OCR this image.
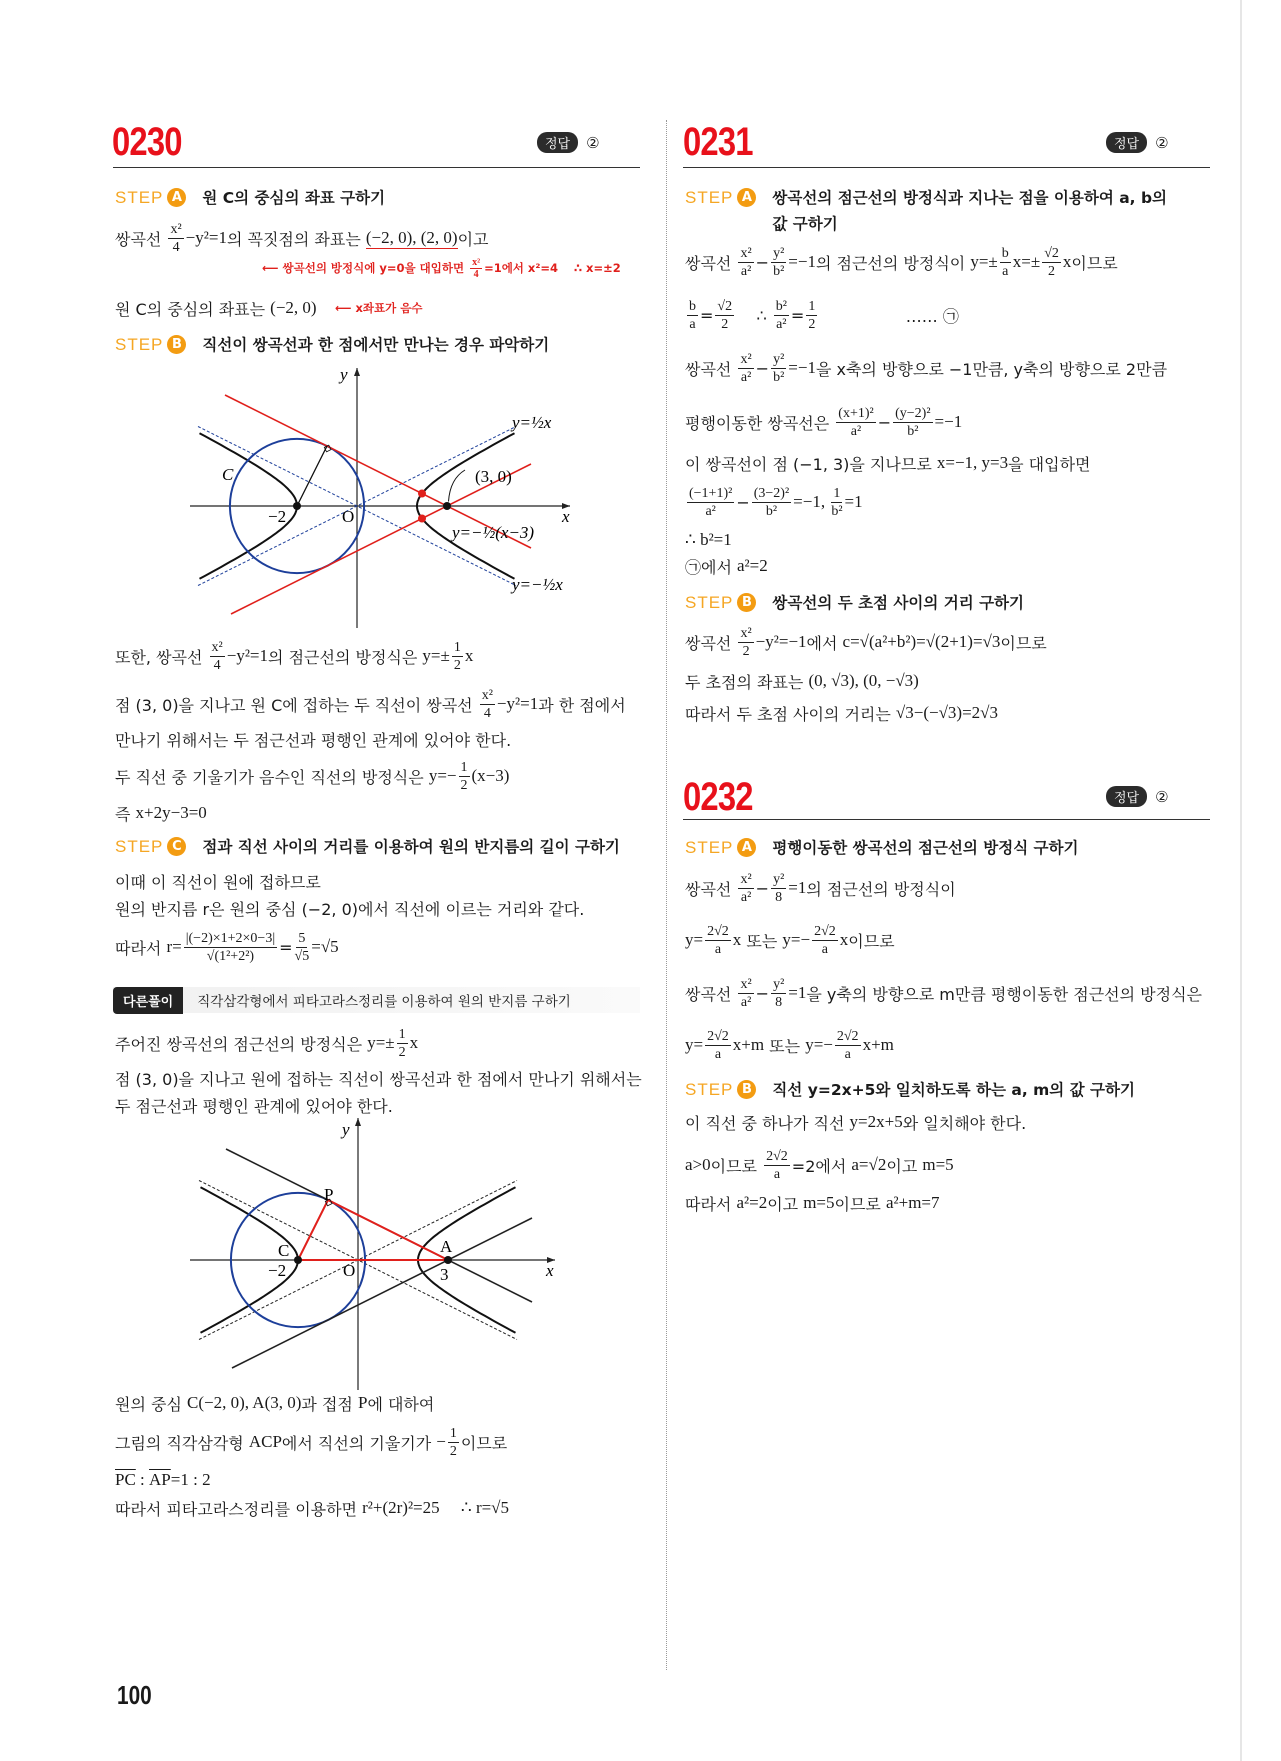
0230	정답	②
STEP A 원 C의 중심의 좌표 구하기
쌍곡선 $\frac{\text{x²}}{4} -y^2=1$ 의 꼭짓점의 좌표는 (−2, 0), (2, 0) 이고
⟵ 쌍곡선의 방정식에 y=0을 대입하면 $\frac{\text{x²}}{4} =1$에서 x²=4    ∴ x=±2
원 C의 중심의 좌표는 (−2, 0) ⟵ x좌표가 음수
STEP B 직선이 쌍곡선과 한 점에서만 만나는 경우 파악하기
y
x
C
−2	O
(3, 0)
y=½x
y=−½(x−3)
y=−½x
또한, 쌍곡선 $\frac{\text{x²}}{4} -y^2=1$ 의 점근선의 방정식은 $y=\pm \frac{1}{2}$ x
점 (3, 0)을 지나고 원 C에 접하는 두 직선이 쌍곡선 $\frac{\text{x²}}{4} -y^2=1$ 과 한 점에서
만나기 위해서는 두 점근선과 평행인 관계에 있어야 한다.
두 직선 중 기울기가 음수인 직선의 방정식은 $y=- \frac{1}{2} (x-3)$
즉 x+2y−3=0
STEP C	점과 직선 사이의 거리를 이용하여 원의 반지름의 길이 구하기
이때 이 직선이 원에 접하므로
원의 반지름 r은 원의 중심 (−2, 0)에서 직선에 이르는 거리와 같다.
따라서 $r= \frac{|(-2)\times 1+2\times 0-3|}{\text{√(1²+2²)}} = \frac{5}{√5} =√5$
다른풀이	직각삼각형에서 피타고라스정리를 이용하여 원의 반지름 구하기
주어진 쌍곡선의 점근선의 방정식은 $y=\pm \frac{1}{2}$ x
점 (3, 0)을 지나고 원에 접하는 직선이 쌍곡선과 한 점에서 만나기 위해서는
두 점근선과 평행인 관계에 있어야 한다.
y
x
P
C
−2	O
A
3
원의 중심 C(−2, 0), A(3, 0) 과 접점 P 에 대하여
그림의 직각삼각형 ACP 에서 직선의 기울기가 − $\frac{1}{2}$ 이므로
$\overline{PC}$ : $\overline{AP} =1$ : 2
따라서 피타고라스정리를 이용하면 r²+(2r)²=25     ∴ r=√5
100
0231	정답	②
STEP A 쌍곡선의 점근선의 방정식과 지나는 점을 이용하여 a, b의 값 구하기
쌍곡선 $\frac{\text{x²}}{\text{a²}} - \frac{\text{y²}}{\text{b²}} =-1$ 의 점근선의 방정식이 $y=\pm \frac{b}{a} x=\pm \frac{√2}{2}$ x 이므로
$\frac{b}{a} = \frac{√2}{2}$ ∴ $\frac{\text{b²}}{\text{a²}} = \frac{1}{2}$ …… ㉠
쌍곡선 $\frac{\text{x²}}{\text{a²}} - \frac{\text{y²}}{\text{b²}} =-1$ 을 x축의 방향으로 −1만큼, y축의 방향으로 2만큼
평행이동한 쌍곡선은 $\frac{\text{(x+1)²}}{\text{a²}} - \frac{\text{(y−2)²}}{\text{b²}} =-1$
이 쌍곡선이 점 (−1, 3)을 지나므로 x=−1, y=3 을 대입하면
$\frac{\text{(−1+1)²}}{\text{a²}} - \frac{\text{(3−2)²}}{\text{b²}} =-1$, $\frac{1}{\text{b²}} =1$
∴ b²=1
㉠에서 a²=2
STEP B 쌍곡선의 두 초점 사이의 거리 구하기
쌍곡선 $\frac{\text{x²}}{2} -y^2=-1$ 에서 c=√(a²+b²)=√(2+1)=√3 이므로
두 초점의 좌표는 (0, √3), (0, −√3)
따라서 두 초점 사이의 거리는 √3−(−√3)=2√3
0232	정답	②
STEP A 평행이동한 쌍곡선의 점근선의 방정식 구하기
쌍곡선 $\frac{\text{x²}}{\text{a²}} - \frac{\text{y²}}{8} =1$ 의 점근선의 방정식이
$y= \frac{2√2}{a}$ x 또는 $y=- \frac{2√2}{a}$ x 이므로
쌍곡선 $\frac{\text{x²}}{\text{a²}} - \frac{\text{y²}}{8} =1$ 을 y축의 방향으로 m만큼 평행이동한 점근선의 방정식은
$y= \frac{2√2}{a} x+m$ 또는 $y=- \frac{2√2}{a} x+m$
STEP B 직선 y=2x+5와 일치하도록 하는 a, m의 값 구하기
이 직선 중 하나가 직선 y=2x+5 와 일치해야 한다.
a>0 이므로 $\frac{2√2}{a} =2$에서 a=√2 이고 m=5
따라서 a²=2 이고 m=5 이므로 a²+m=7
